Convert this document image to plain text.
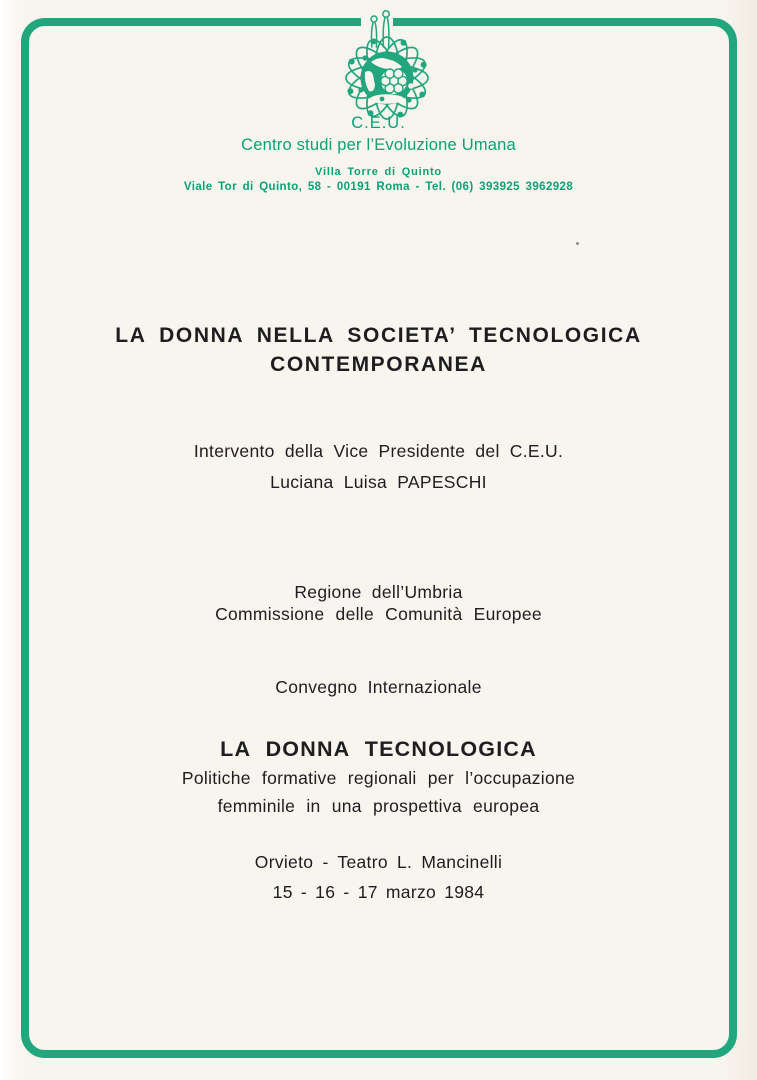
C.E.U.
Centro studi per l’Evoluzione Umana
Villa Torre di Quinto
Viale Tor di Quinto, 58 - 00191 Roma - Tel. (06) 393925 3962928
LA DONNA NELLA SOCIETA’ TECNOLOGICA
CONTEMPORANEA
Intervento della Vice Presidente del C.E.U.
Luciana Luisa PAPESCHI
Regione dell’Umbria
Commissione delle Comunità Europee
Convegno Internazionale
LA DONNA TECNOLOGICA
Politiche formative regionali per l’occupazione
femminile in una prospettiva europea
Orvieto - Teatro L. Mancinelli
15 - 16 - 17 marzo 1984
